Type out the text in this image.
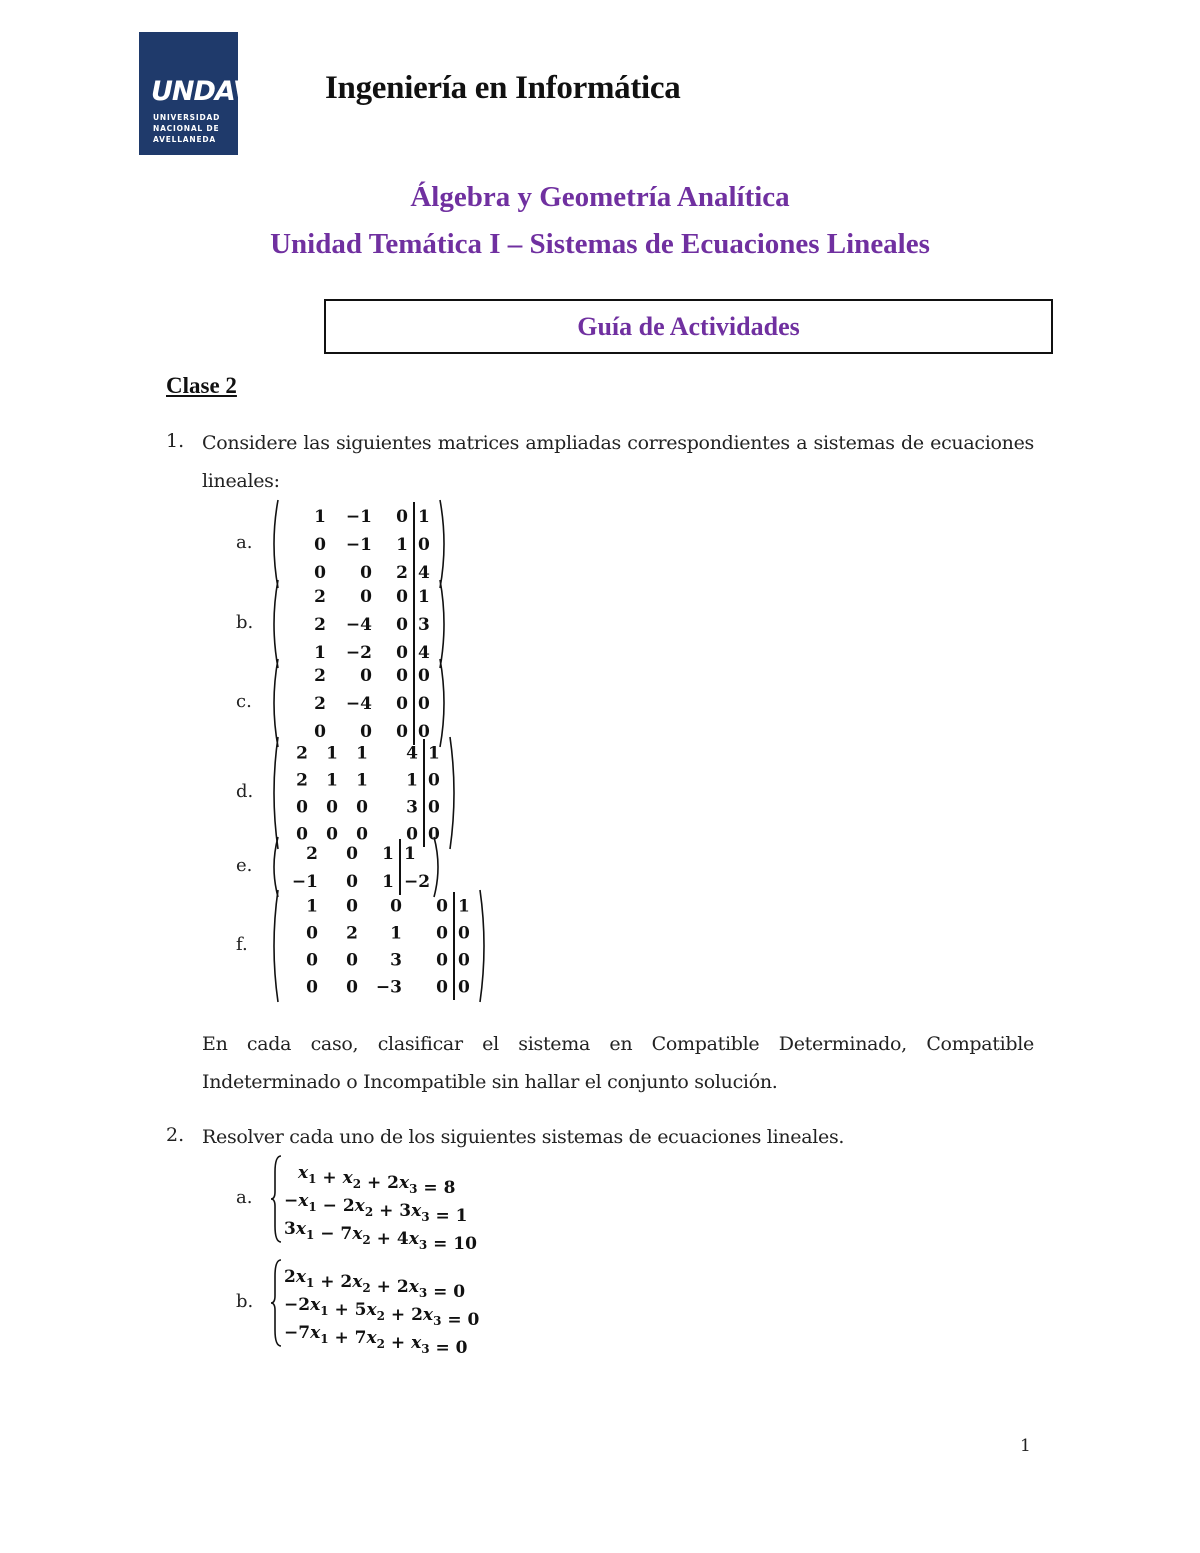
UNDAV
UNIVERSIDAD
NACIONAL DE
AVELLANEDA
Ingeniería en Informática
Álgebra y Geometría Analítica
Unidad Temática I – Sistemas de Ecuaciones Lineales
Guía de Actividades
Clase 2
1. Considere las siguientes matrices ampliadas correspondientes a sistemas de ecuaciones lineales:
a.
1 −1 0 1
0 −1 1 0
0 0 2 4
b.
2 0 0 1
2 −4 0 3
1 −2 0 4
c.
2 0 0 0
2 −4 0 0
0 0 0 0
d.
2 1 1 4 1
2 1 1 1 0
0 0 0 3 0
0 0 0 0 0
e.
2 0 1 1
−1 0 1 −2
f.
1 0 0 0 1
0 2 1 0 0
0 0 3 0 0
0 0 −3 0 0
En cada caso, clasificar el sistema en Compatible Determinado, Compatible Indeterminado o Incompatible sin hallar el conjunto solución.
2. Resolver cada uno de los siguientes sistemas de ecuaciones lineales.
a.
$x_1 + x_2 + 2x_3 = 8$
$-x_1 - 2x_2 + 3x_3 = 1$
$3x_1 - 7x_2 + 4x_3 = 10$
b.
$2x_1 + 2x_2 + 2x_3 = 0$
$-2x_1 + 5x_2 + 2x_3 = 0$
$-7x_1 + 7x_2 + x_3 = 0$
1
